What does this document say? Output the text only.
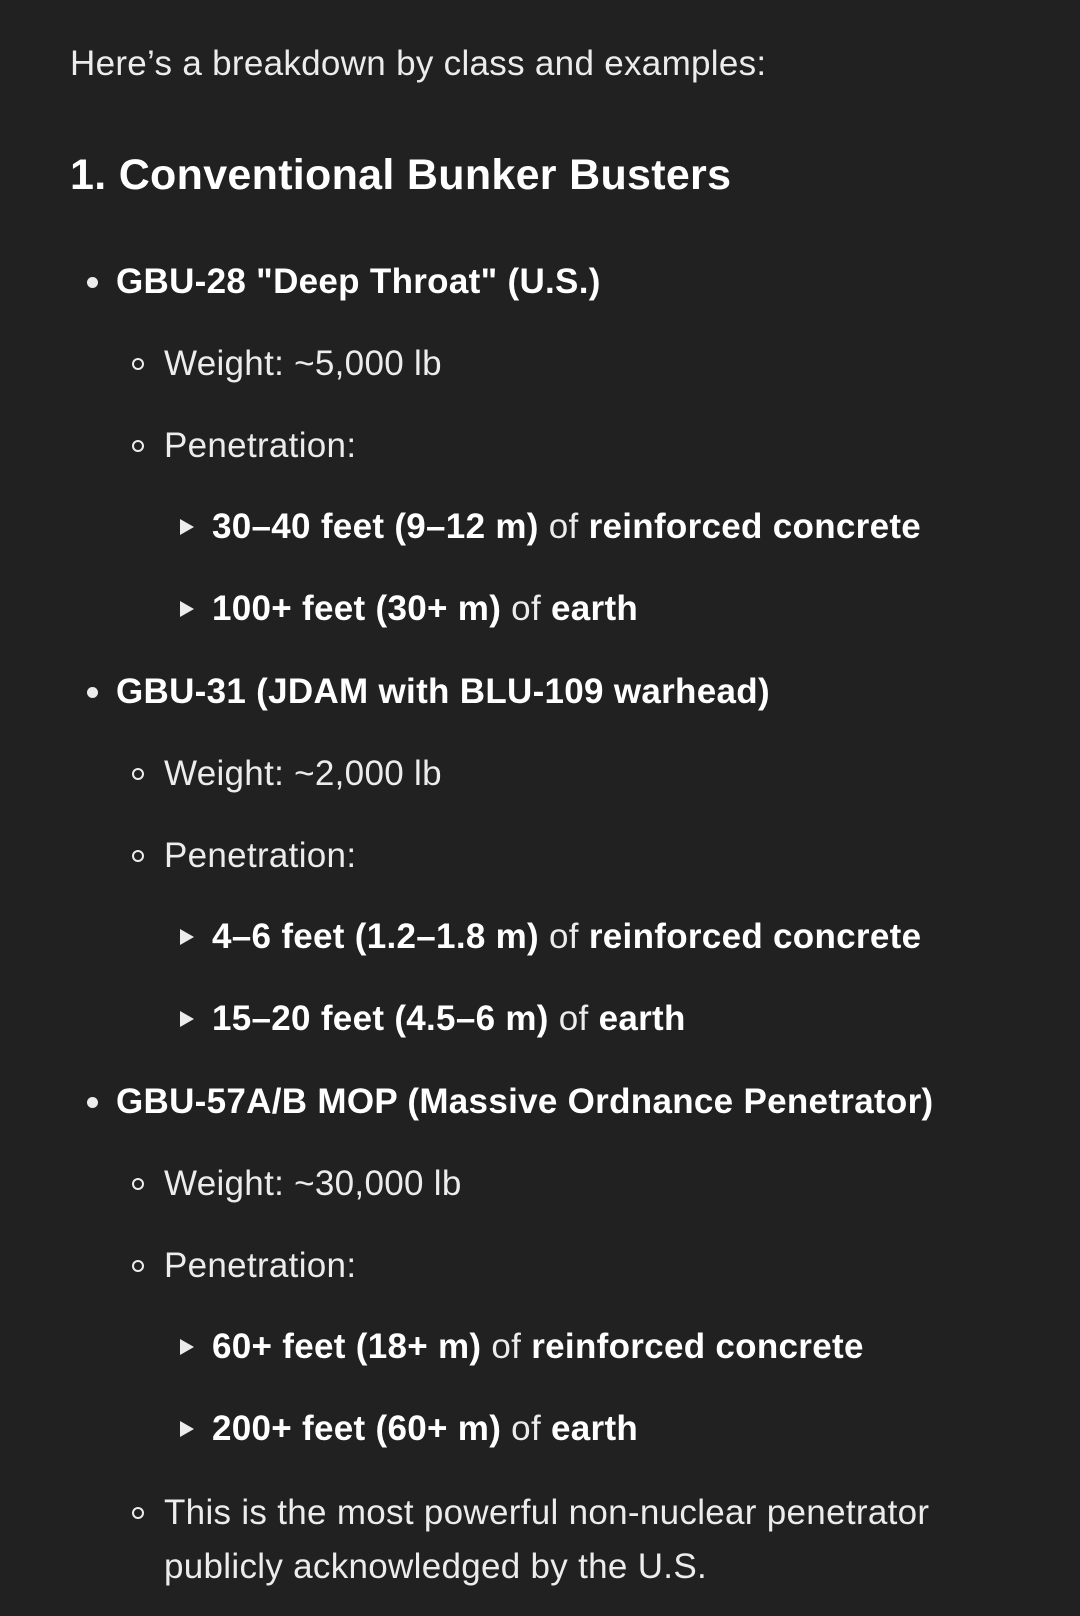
Here’s a breakdown by class and examples:
1. Conventional Bunker Busters
GBU-28 "Deep Throat" (U.S.)
Weight: ~5,000 lb
Penetration:
30–40 feet (9–12 m) of reinforced concrete
100+ feet (30+ m) of earth
GBU-31 (JDAM with BLU-109 warhead)
Weight: ~2,000 lb
Penetration:
4–6 feet (1.2–1.8 m) of reinforced concrete
15–20 feet (4.5–6 m) of earth
GBU-57A/B MOP (Massive Ordnance Penetrator)
Weight: ~30,000 lb
Penetration:
60+ feet (18+ m) of reinforced concrete
200+ feet (60+ m) of earth
This is the most powerful non-nuclear penetrator
publicly acknowledged by the U.S.
